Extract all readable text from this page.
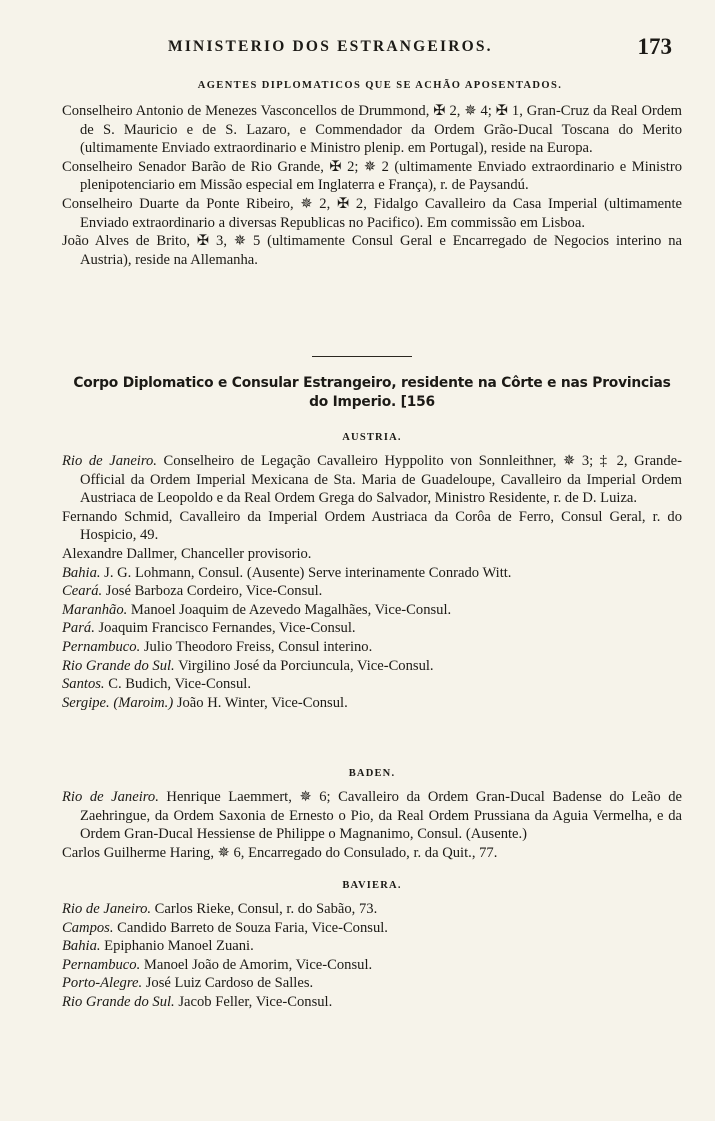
MINISTERIO DOS ESTRANGEIROS.	173
AGENTES DIPLOMATICOS QUE SE ACHÃO APOSENTADOS.

Conselheiro Antonio de Menezes Vasconcellos de Drummond, ✠ 2, ✵ 4; ✠ 1, Gran-Cruz da Real Ordem de S. Mauricio e de S. Lazaro, e Commendador da Ordem Grão-Ducal Toscana do Merito (ultimamente Enviado extraordinario e Ministro plenip. em Portugal), reside na Europa.

Conselheiro Senador Barão de Rio Grande, ✠ 2; ✵ 2 (ultimamente Enviado extraordinario e Ministro plenipotenciario em Missão especial em Inglaterra e França), r. de Paysandú.

Conselheiro Duarte da Ponte Ribeiro, ✵ 2, ✠ 2, Fidalgo Cavalleiro da Casa Imperial (ultimamente Enviado extraordinario a diversas Republicas no Pacifico). Em commissão em Lisboa.

João Alves de Brito, ✠ 3, ✵ 5 (ultimamente Consul Geral e Encarregado de Negocios interino na Austria), reside na Allemanha.

Corpo Diplomatico e Consular Estrangeiro, residente na Côrte e nas Provincias
do Imperio. [156
AUSTRIA.

Rio de Janeiro. Conselheiro de Legação Cavalleiro Hyppolito von Sonnleithner, ✵ 3; ‡ 2, Grande-Official da Ordem Imperial Mexicana de Sta. Maria de Guadeloupe, Cavalleiro da Imperial Ordem Austriaca de Leopoldo e da Real Ordem Grega do Salvador, Ministro Residente, r. de D. Luiza.

Fernando Schmid, Cavalleiro da Imperial Ordem Austriaca da Corôa de Ferro, Consul Geral, r. do Hospicio, 49.

Alexandre Dallmer, Chanceller provisorio.

Bahia. J. G. Lohmann, Consul. (Ausente) Serve interinamente Conrado Witt.

Ceará. José Barboza Cordeiro, Vice-Consul.

Maranhão. Manoel Joaquim de Azevedo Magalhães, Vice-Consul.

Pará. Joaquim Francisco Fernandes, Vice-Consul.

Pernambuco. Julio Theodoro Freiss, Consul interino.

Rio Grande do Sul. Virgilino José da Porciuncula, Vice-Consul.

Santos. C. Budich, Vice-Consul.

Sergipe. (Maroim.) João H. Winter, Vice-Consul.

BADEN.

Rio de Janeiro. Henrique Laemmert, ✵ 6; Cavalleiro da Ordem Gran-Ducal Badense do Leão de Zaehringue, da Ordem Saxonia de Ernesto o Pio, da Real Ordem Prussiana da Aguia Vermelha, e da Ordem Gran-Ducal Hessiense de Philippe o Magnanimo, Consul. (Ausente.)

Carlos Guilherme Haring, ✵ 6, Encarregado do Consulado, r. da Quit., 77.

BAVIERA.

Rio de Janeiro. Carlos Rieke, Consul, r. do Sabão, 73.

Campos. Candido Barreto de Souza Faria, Vice-Consul.

Bahia. Epiphanio Manoel Zuani.

Pernambuco. Manoel João de Amorim, Vice-Consul.

Porto-Alegre. José Luiz Cardoso de Salles.

Rio Grande do Sul. Jacob Feller, Vice-Consul.
